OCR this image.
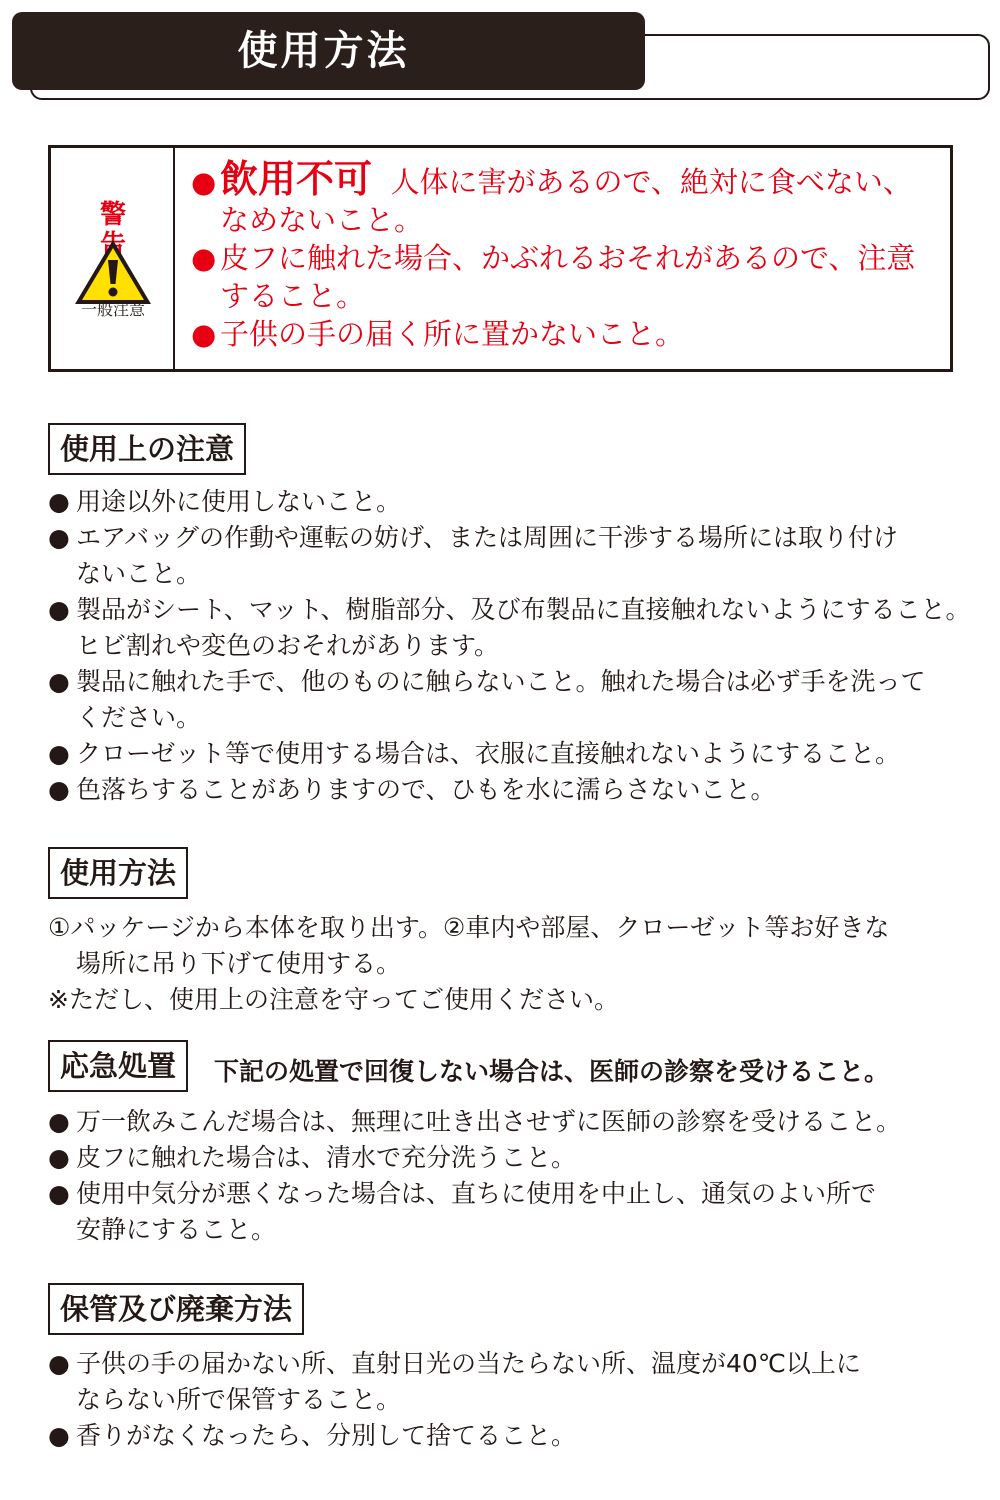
使用方法
警告
一般注意
●飲用不可 人体に害があるので、絶対に食べない、
なめないこと。
● 皮フに触れた場合、かぶれるおそれがあるので、注意
すること。
● 子供の手の届く所に置かないこと。
使用上の注意
● 用途以外に使用しないこと。
● エアバッグの作動や運転の妨げ、または周囲に干渉する場所には取り付け
ないこと。
● 製品がシート、マット、樹脂部分、及び布製品に直接触れないようにすること。
ヒビ割れや変色のおそれがあります。
● 製品に触れた手で、他のものに触らないこと。触れた場合は必ず手を洗って
ください。
● クローゼット等で使用する場合は、衣服に直接触れないようにすること。
● 色落ちすることがありますので、ひもを水に濡らさないこと。
使用方法
①パッケージから本体を取り出す。②車内や部屋、クローゼット等お好きな
場所に吊り下げて使用する。
※ただし、使用上の注意を守ってご使用ください。
応急処置	下記の処置で回復しない場合は、医師の診察を受けること。
● 万一飲みこんだ場合は、無理に吐き出させずに医師の診察を受けること。
● 皮フに触れた場合は、清水で充分洗うこと。
● 使用中気分が悪くなった場合は、直ちに使用を中止し、通気のよい所で
安静にすること。
保管及び廃棄方法
● 子供の手の届かない所、直射日光の当たらない所、温度が40℃以上に
ならない所で保管すること。
● 香りがなくなったら、分別して捨てること。
